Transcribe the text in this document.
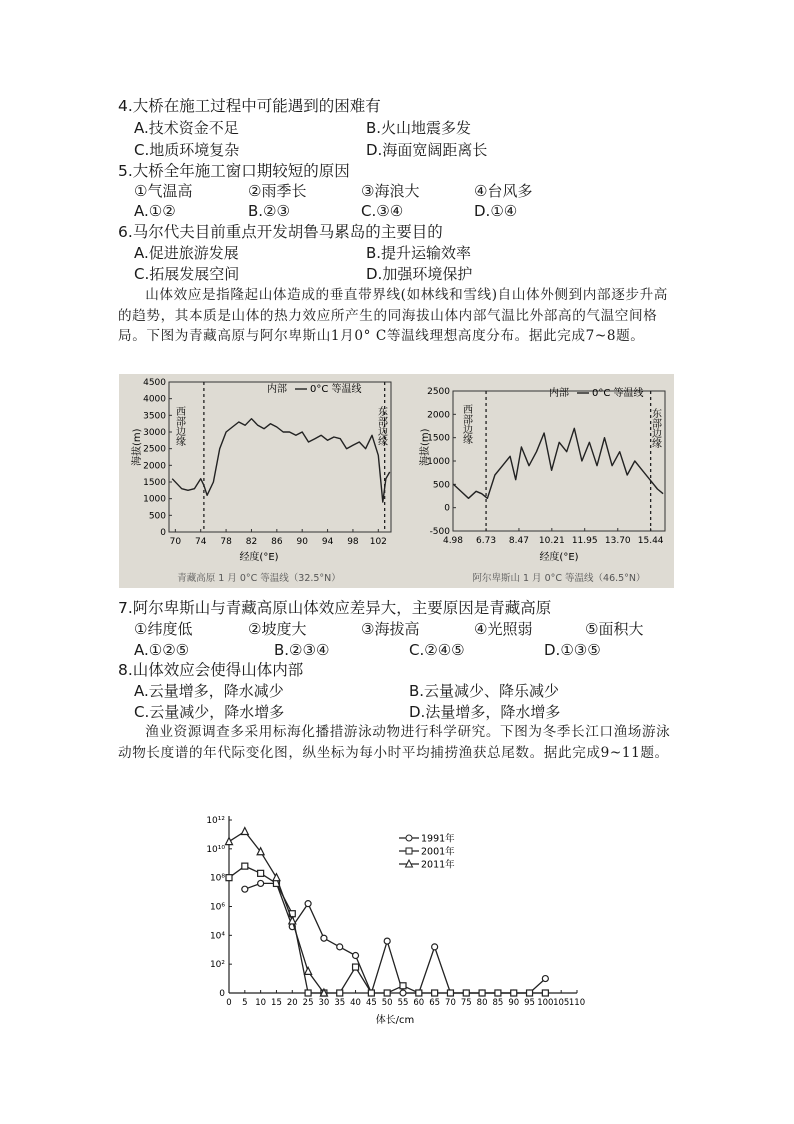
4.大桥在施工过程中可能遇到的困难有
A.技术资金不足	B.火山地震多发
C.地质环境复杂	D.海面宽阔距离长
5.大桥全年施工窗口期较短的原因
①气温高	②雨季长	③海浪大	④台风多
A.①②	B.②③	C.③④	D.①④
6.马尔代夫目前重点开发胡鲁马累岛的主要目的
A.促进旅游发展	B.提升运输效率
C.拓展发展空间	D.加强环境保护
山体效应是指隆起山体造成的垂直带界线(如林线和雪线)自山体外侧到内部逐步升高的趋势，其本质是山体的热力效应所产生的同海拔山体内部气温比外部高的气温空间格局。下图为青藏高原与阿尔卑斯山1月0° C等温线理想高度分布。据此完成7~8题。
0
500
1000
1500
2000
2500
3000
3500
4000
4500
70 74 78 82 86 90 94 98 102
海拔(m)
经度(°E)
内部 0°C 等温线
西部边缘	东部边缘
青藏高原 1 月 0°C 等温线（32.5°N）
-500
0
500
1000
1500
2000
2500
4.98 6.73 8.47 10.21 11.95 13.70 15.44
海拔(m)
经度(°E)
内部 0°C 等温线
西部边缘	东部边缘
阿尔卑斯山 1 月 0°C 等温线（46.5°N）
7.阿尔卑斯山与青藏高原山体效应差异大，主要原因是青藏高原
①纬度低	②坡度大	③海拔高	④光照弱	⑤面积大
A.①②⑤	B.②③④	C.②④⑤	D.①③⑤
8.山体效应会使得山体内部
A.云量增多，降水减少	B.云量减少、降乐减少
C.云量减少，降水增多	D.法量增多，降水增多
渔业资源调查多采用标海化播措游泳动物进行科学研究。下图为冬季长江口渔场游泳动物长度谱的年代际变化图，纵坐标为每小时平均捕捞渔获总尾数。据此完成9~11题。
0
10²
10⁴
10⁶
10⁸
10¹⁰
10¹²
0 5 10 15 20 25 30 35 40 45 50 55 60 65 70 75 80 85 90 95 100 105 110
1991年
2001年
2011年
体长/cm
